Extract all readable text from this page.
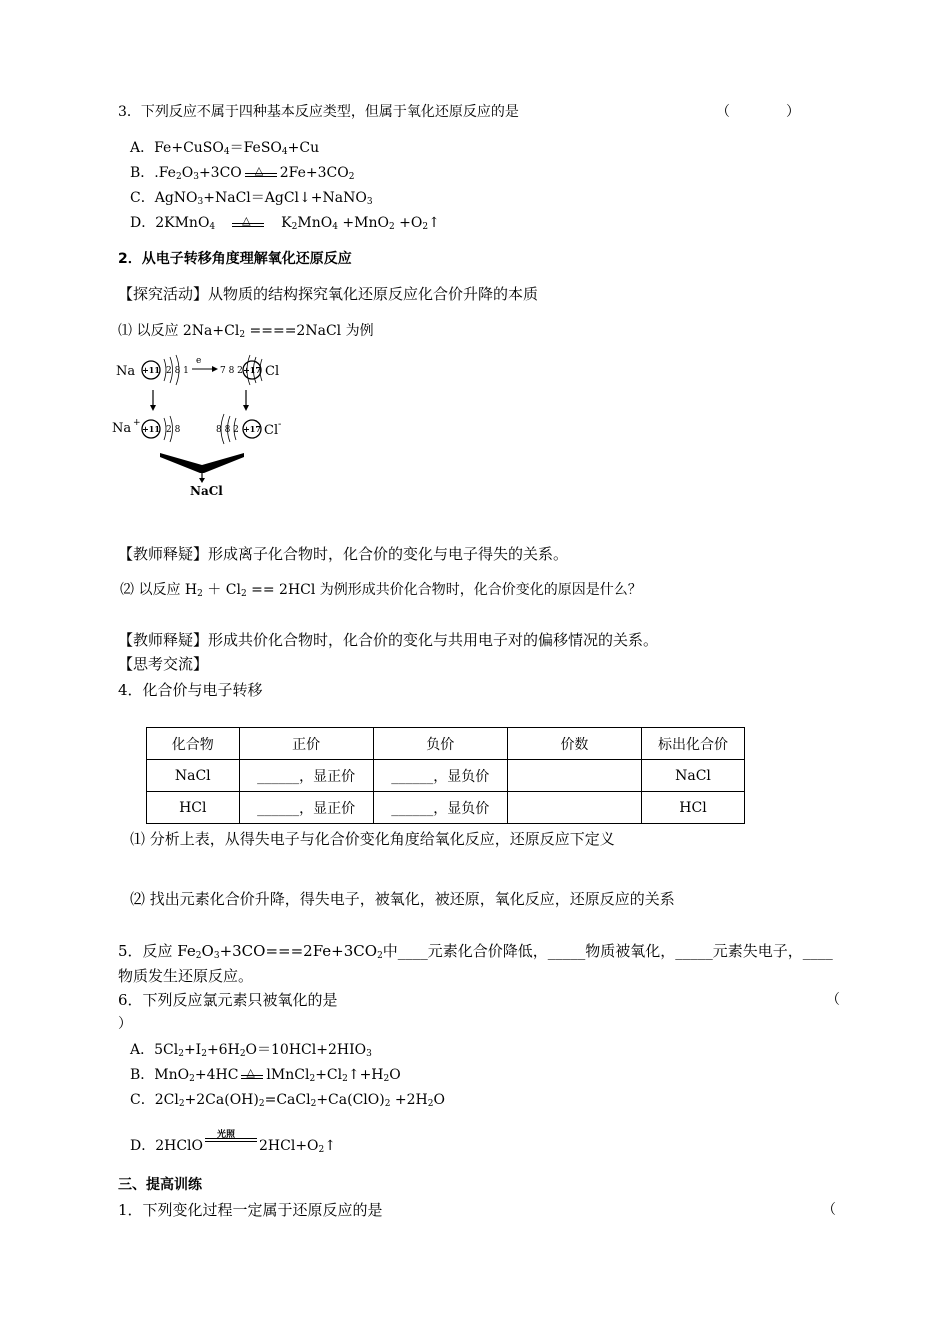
3．下列反应不属于四种基本反应类型，但属于氧化还原反应的是	（　　　　）
A．Fe+CuSO$_4$＝FeSO$_4$+Cu
B．$.Fe_2O_3+3CO$ △ $2Fe+3CO_2$
C．AgNO$_3$+NaCl＝AgCl↓+NaNO$_3$
D．2KMnO$_4$ △ $K_2MnO_4 +MnO_2$ $+O_2↑$
2．从电子转移角度理解氧化还原反应
【探究活动】从物质的结构探究氧化还原反应化合价升降的本质
⑴ 以反应 $2Na+Cl_2$ ====2NaCl 为例
Na +11 2 8 1
e
7 8 2 +17 Cl
Na +
+11 2 8	8 8 2 +17 Cl -
NaCl
【教师释疑】形成离子化合物时，化合价的变化与电子得失的关系。
⑵ 以反应 $H_2 + Cl_2 == 2HCl$ 为例形成共价化合物时，化合价变化的原因是什么？
【教师释疑】形成共价化合物时，化合价的变化与共用电子对的偏移情况的关系。
【思考交流】
4．化合价与电子转移
化合物	正价	负价	价数	标出化合价
NaCl	______，显正价	______，显负价		NaCl
HCl	______，显正价	______，显负价		HCl
⑴ 分析上表，从得失电子与化合价变化角度给氧化反应，还原反应下定义
⑵ 找出元素化合价升降，得失电子，被氧化，被还原，氧化反应，还原反应的关系
5．反应 $Fe_2O_3+3CO===2Fe+3CO_2$中____元素化合价降低，_____物质被氧化，_____元素失电子，____
物质发生还原反应。
6．下列反应氯元素只被氧化的是	（
）
A．$5Cl_2+I_2+6H_2O=10HCl+2HIO_3$
B．MnO$_2$+4HC △ $lMnCl_2+Cl_2↑+H_2O$
C．$2Cl_2+2Ca(OH)_2=CaCl_2+Ca(ClO)_2 +2H_2O$
D．2HClO
光照
$2HCl+O_2↑$
三、提高训练
1．下列变化过程一定属于还原反应的是	（
